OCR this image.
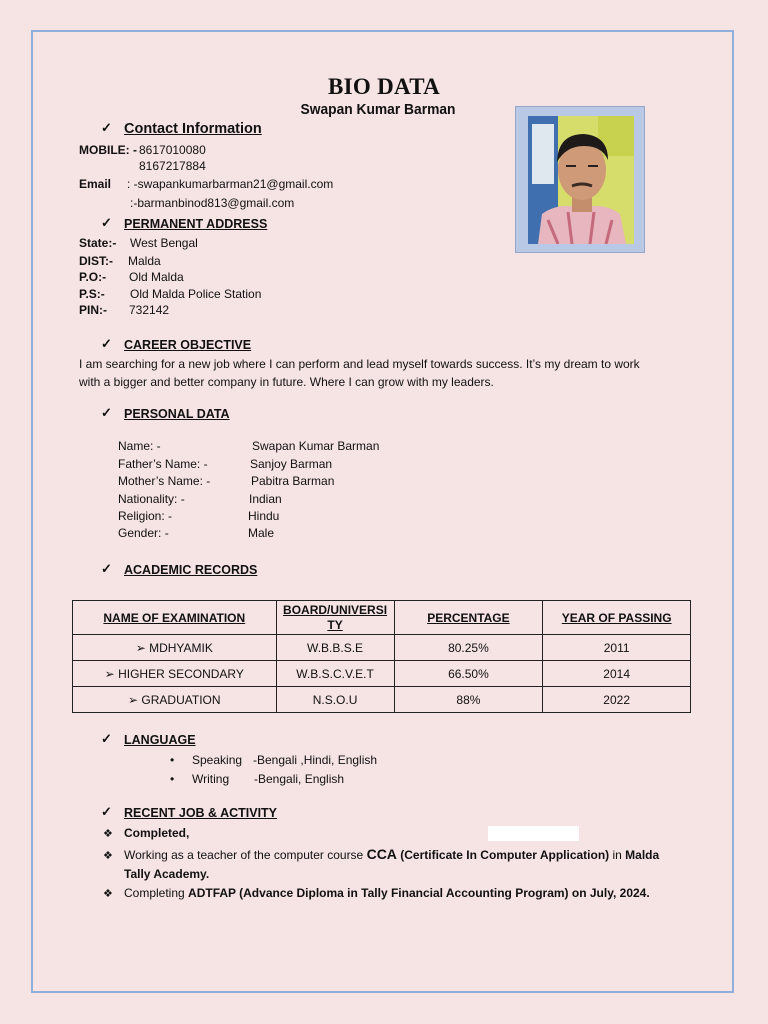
BIO DATA
Swapan Kumar Barman
✓ Contact Information
MOBILE: - 8617010080
8167217884
Email : -swapankumarbarman21@gmail.com
:-barmanbinod813@gmail.com
✓ PERMANENT ADDRESS
State:- West Bengal
DIST:- Malda
P.O:- Old Malda
P.S:- Old Malda Police Station
PIN:- 732142
✓ CAREER OBJECTIVE
I am searching for a new job where I can perform and lead myself towards success. It’s my dream to work
with a bigger and better company in future. Where I can grow with my leaders.
✓ PERSONAL DATA
Name: -	Swapan Kumar Barman
Father’s Name: -	Sanjoy Barman
Mother’s Name: -	Pabitra Barman
Nationality: -	Indian
Religion: -	Hindu
Gender: -	Male
✓ ACADEMIC RECORDS
NAME OF EXAMINATION	BOARD/UNIVERSI
TY	PERCENTAGE	YEAR OF PASSING
➢ MDHYAMIK	W.B.B.S.E	80.25%	2011
➢ HIGHER SECONDARY	W.B.S.C.V.E.T	66.50%	2014
➢ GRADUATION	N.S.O.U	88%	2022
✓ LANGUAGE
• Speaking -Bengali ,Hindi, English
• Writing -Bengali, English
✓ RECENT JOB & ACTIVITY
❖ Completed,
❖ Working as a teacher of the computer course CCA (Certificate In Computer Application) in Malda
Tally Academy.
❖ Completing ADTFAP (Advance Diploma in Tally Financial Accounting Program) on July, 2024.
